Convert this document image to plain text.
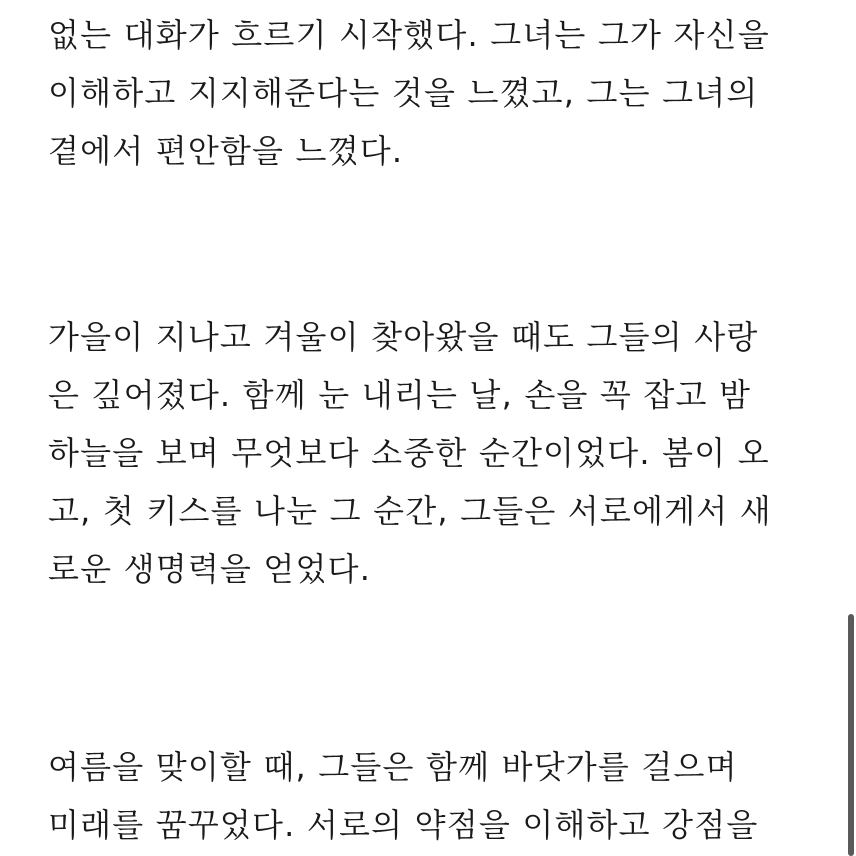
없는 대화가 흐르기 시작했다. 그녀는 그가 자신을
이해하고 지지해준다는 것을 느꼈고, 그는 그녀의
곁에서 편안함을 느꼈다.
가을이 지나고 겨울이 찾아왔을 때도 그들의 사랑
은 깊어졌다. 함께 눈 내리는 날, 손을 꼭 잡고 밤
하늘을 보며 무엇보다 소중한 순간이었다. 봄이 오
고, 첫 키스를 나눈 그 순간, 그들은 서로에게서 새
로운 생명력을 얻었다.
여름을 맞이할 때, 그들은 함께 바닷가를 걸으며
미래를 꿈꾸었다. 서로의 약점을 이해하고 강점을
